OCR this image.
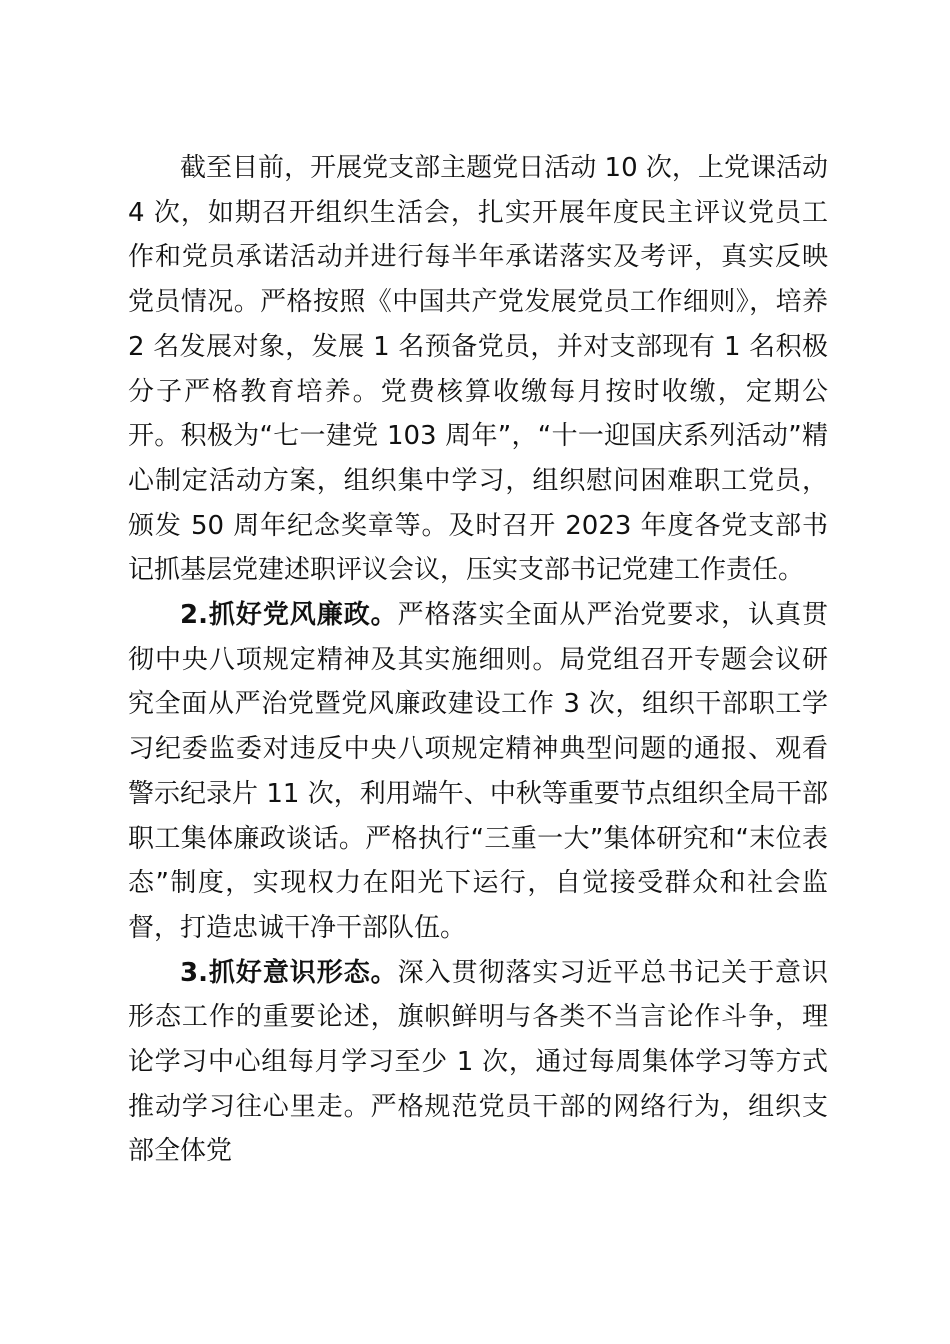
截至目前，开展党支部主题党日活动 10 次，上党课活动 4 次，如期召开组织生活会，扎实开展年度民主评议党员工作和党员承诺活动并进行每半年承诺落实及考评，真实反映党员情况。严格按照《中国共产党发展党员工作细则》，培养 2 名发展对象，发展 1 名预备党员，并对支部现有 1 名积极分子严格教育培养。党费核算收缴每月按时收缴，定期公开。积极为“七一建党 103 周年”，“十一迎国庆系列活动”精心制定活动方案，组织集中学习，组织慰问困难职工党员，颁发 50 周年纪念奖章等。及时召开 2023 年度各党支部书记抓基层党建述职评议会议，压实支部书记党建工作责任。

2.抓好党风廉政。严格落实全面从严治党要求，认真贯彻中央八项规定精神及其实施细则。局党组召开专题会议研究全面从严治党暨党风廉政建设工作 3 次，组织干部职工学习纪委监委对违反中央八项规定精神典型问题的通报、观看警示纪录片 11 次，利用端午、中秋等重要节点组织全局干部职工集体廉政谈话。严格执行“三重一大”集体研究和“末位表态”制度，实现权力在阳光下运行，自觉接受群众和社会监督，打造忠诚干净干部队伍。

3.抓好意识形态。深入贯彻落实习近平总书记关于意识形态工作的重要论述，旗帜鲜明与各类不当言论作斗争，理论学习中心组每月学习至少 1 次，通过每周集体学习等方式推动学习往心里走。严格规范党员干部的网络行为，组织支部全体党
